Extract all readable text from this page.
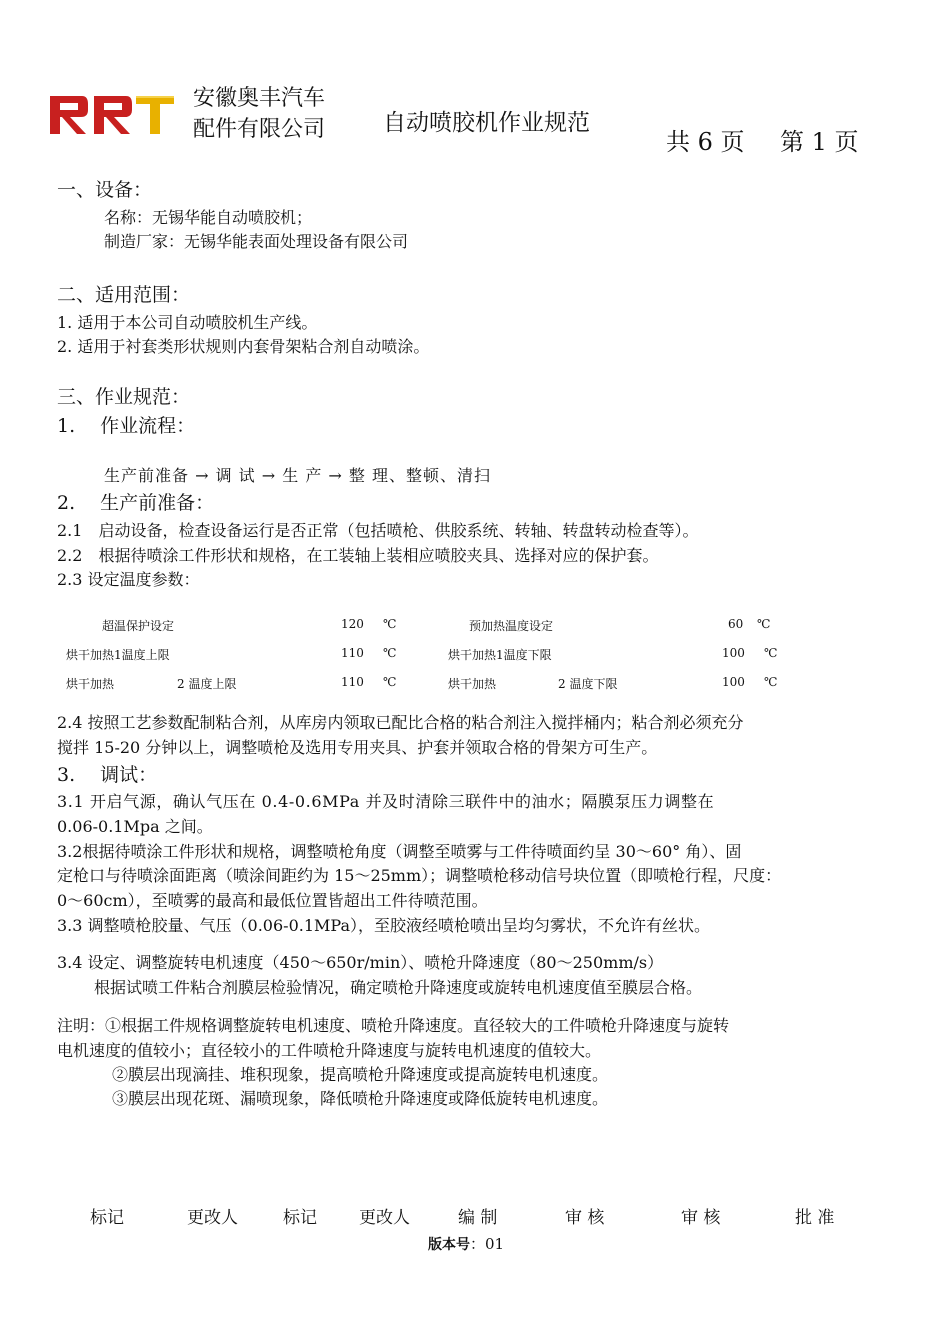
安徽奥丰汽车
配件有限公司	自动喷胶机作业规范
共 6 页 第 1 页
一、设备：
名称：无锡华能自动喷胶机；
制造厂家：无锡华能表面处理设备有限公司
二、适用范围：
1. 适用于本公司自动喷胶机生产线。
2. 适用于衬套类形状规则内套骨架粘合剂自动喷涂。
三、作业规范：
1.　 作业流程：
生产前准备 → 调 试 → 生 产 → 整 理、整顿、清扫
2.　 生产前准备：
2.1　启动设备，检查设备运行是否正常（包括喷枪、供胶系统、转轴、转盘转动检查等）。
2.2　根据待喷涂工件形状和规格，在工装轴上装相应喷胶夹具、选择对应的保护套。
2.3 设定温度参数：
超温保护设定	120 ℃	预加热温度设定	60 ℃
烘干加热1温度上限	110 ℃	烘干加热1温度下限	100 ℃
烘干加热	2 温度上限	110 ℃	烘干加热	2 温度下限	100 ℃
2.4 按照工艺参数配制粘合剂，从库房内领取已配比合格的粘合剂注入搅拌桶内；粘合剂必须充分
搅拌 15-20 分钟以上，调整喷枪及选用专用夹具、护套并领取合格的骨架方可生产。
3.　 调试：
3.1 开启气源，确认气压在 0.4-0.6MPa 并及时清除三联件中的油水；隔膜泵压力调整在
0.06-0.1Mpa 之间。
3.2根据待喷涂工件形状和规格，调整喷枪角度（调整至喷雾与工件待喷面约呈 30～60° 角）、固
定枪口与待喷涂面距离（喷涂间距约为 15～25mm）；调整喷枪移动信号块位置（即喷枪行程，尺度：
0～60cm），至喷雾的最高和最低位置皆超出工件待喷范围。
3.3 调整喷枪胶量、气压（0.06-0.1MPa），至胶液经喷枪喷出呈均匀雾状，不允许有丝状。
3.4 设定、调整旋转电机速度（450～650r/min）、喷枪升降速度（80～250mm/s）
根据试喷工件粘合剂膜层检验情况，确定喷枪升降速度或旋转电机速度值至膜层合格。
注明：①根据工件规格调整旋转电机速度、喷枪升降速度。直径较大的工件喷枪升降速度与旋转
电机速度的值较小；直径较小的工件喷枪升降速度与旋转电机速度的值较大。
②膜层出现滴挂、堆积现象，提高喷枪升降速度或提高旋转电机速度。
③膜层出现花斑、漏喷现象，降低喷枪升降速度或降低旋转电机速度。
标记	更改人	标记 更改人	编 制	审 核	审 核	批 准
版本号：01
